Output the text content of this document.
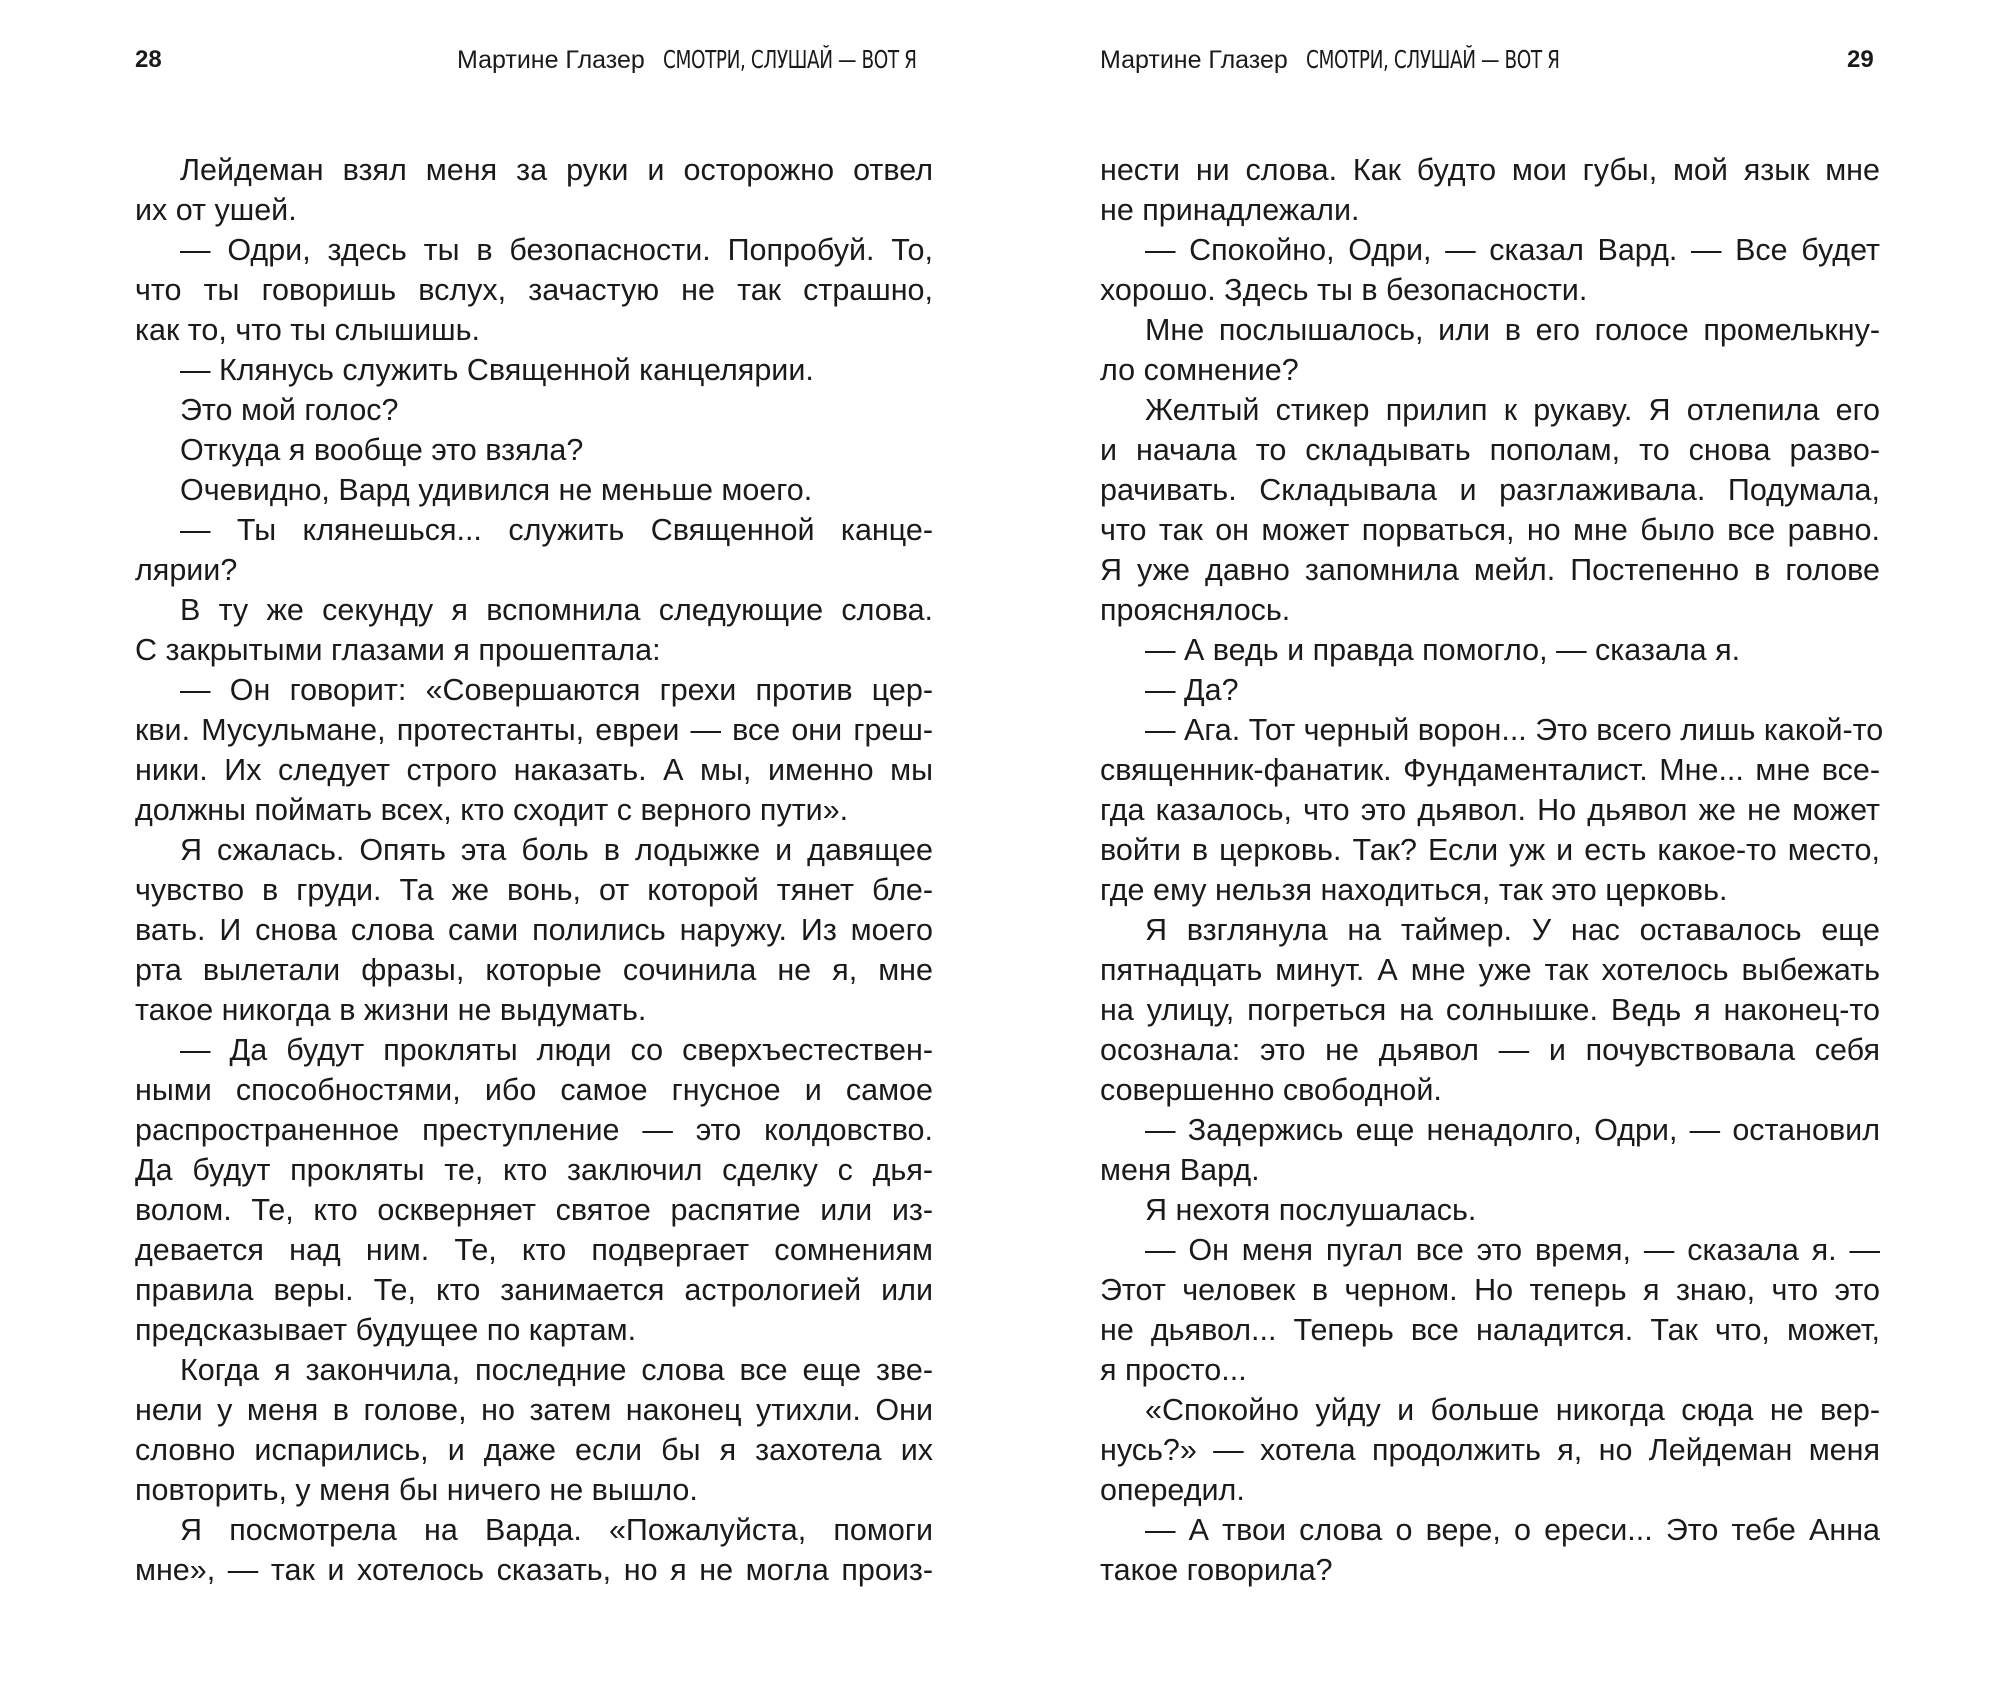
28	Мартине Глазер СМОТРИ, СЛУШАЙ — ВОТ Я
Лейдеман взял меня за руки и осторожно отвел
их от ушей.
— Одри, здесь ты в безопасности. Попробуй. То,
что ты говоришь вслух, зачастую не так страшно,
как то, что ты слышишь.
— Клянусь служить Священной канцелярии.
Это мой голос?
Откуда я вообще это взяла?
Очевидно, Вард удивился не меньше моего.
— Ты клянешься... служить Священной канце-
лярии?
В ту же секунду я вспомнила следующие слова.
С закрытыми глазами я прошептала:
— Он говорит: «Совершаются грехи против цер-
кви. Мусульмане, протестанты, евреи — все они греш-
ники. Их следует строго наказать. А мы, именно мы
должны поймать всех, кто сходит с верного пути».
Я сжалась. Опять эта боль в лодыжке и давящее
чувство в груди. Та же вонь, от которой тянет бле-
вать. И снова слова сами полились наружу. Из моего
рта вылетали фразы, которые сочинила не я, мне
такое никогда в жизни не выдумать.
— Да будут прокляты люди со сверхъестествен-
ными способностями, ибо самое гнусное и самое
распространенное преступление — это колдовство.
Да будут прокляты те, кто заключил сделку с дья-
волом. Те, кто оскверняет святое распятие или из-
девается над ним. Те, кто подвергает сомнениям
правила веры. Те, кто занимается астрологией или
предсказывает будущее по картам.
Когда я закончила, последние слова все еще зве-
нели у меня в голове, но затем наконец утихли. Они
словно испарились, и даже если бы я захотела их
повторить, у меня бы ничего не вышло.
Я посмотрела на Варда. «Пожалуйста, помоги
мне», — так и хотелось сказать, но я не могла произ-
Мартине Глазер СМОТРИ, СЛУШАЙ — ВОТ Я	29
нести ни слова. Как будто мои губы, мой язык мне
не принадлежали.
— Спокойно, Одри, — сказал Вард. — Все будет
хорошо. Здесь ты в безопасности.
Мне послышалось, или в его голосе промелькну-
ло сомнение?
Желтый стикер прилип к рукаву. Я отлепила его
и начала то складывать пополам, то снова разво-
рачивать. Складывала и разглаживала. Подумала,
что так он может порваться, но мне было все равно.
Я уже давно запомнила мейл. Постепенно в голове
прояснялось.
— А ведь и правда помогло, — сказала я.
— Да?
— Ага. Тот черный ворон... Это всего лишь какой-то
священник-фанатик. Фундаменталист. Мне... мне все-
гда казалось, что это дьявол. Но дьявол же не может
войти в церковь. Так? Если уж и есть какое-то место,
где ему нельзя находиться, так это церковь.
Я взглянула на таймер. У нас оставалось еще
пятнадцать минут. А мне уже так хотелось выбежать
на улицу, погреться на солнышке. Ведь я наконец-то
осознала: это не дьявол — и почувствовала себя
совершенно свободной.
— Задержись еще ненадолго, Одри, — остановил
меня Вард.
Я нехотя послушалась.
— Он меня пугал все это время, — сказала я. —
Этот человек в черном. Но теперь я знаю, что это
не дьявол... Теперь все наладится. Так что, может,
я просто...
«Спокойно уйду и больше никогда сюда не вер-
нусь?» — хотела продолжить я, но Лейдеман меня
опередил.
— А твои слова о вере, о ереси... Это тебе Анна
такое говорила?
